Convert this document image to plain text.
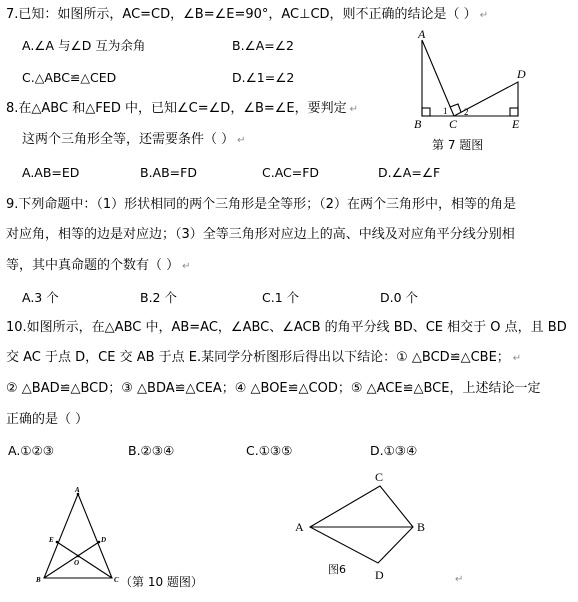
7.已知：如图所示，AC=CD，∠B=∠E=90°，AC⊥CD，则不正确的结论是（ ） ↵
A.∠A 与∠D 互为余角	B.∠A=∠2
C.△ABC≌△CED	D.∠1=∠2
A
B C
D
E
1 2
第 7 题图
8.在△ABC 和△FED 中，已知∠C=∠D，∠B=∠E，要判定 ↵
这两个三角形全等，还需要条件（ ） ↵
A.AB=ED	B.AB=FD	C.AC=FD	D.∠A=∠F
9.下列命题中：（1）形状相同的两个三角形是全等形；（2）在两个三角形中，相等的角是
对应角，相等的边是对应边；（3）全等三角形对应边上的高、中线及对应角平分线分别相
等，其中真命题的个数有（ ） ↵
A.3 个	B.2 个	C.1 个	D.0 个
10.如图所示，在△ABC 中，AB=AC，∠ABC、∠ACB 的角平分线 BD、CE 相交于 O 点，且 BD
交 AC 于点 D，CE 交 AB 于点 E.某同学分析图形后得出以下结论：① △BCD≌△CBE； ↵
② △BAD≌△BCD；③ △BDA≌△CEA；④ △BOE≌△COD；⑤ △ACE≌△BCE，上述结论一定
正确的是（ ）
A.①②③	B.②③④	C.①③⑤	D.①③④
A
E	D
O
B	C （第 10 题图）
A
C
B
D
图6
↵
